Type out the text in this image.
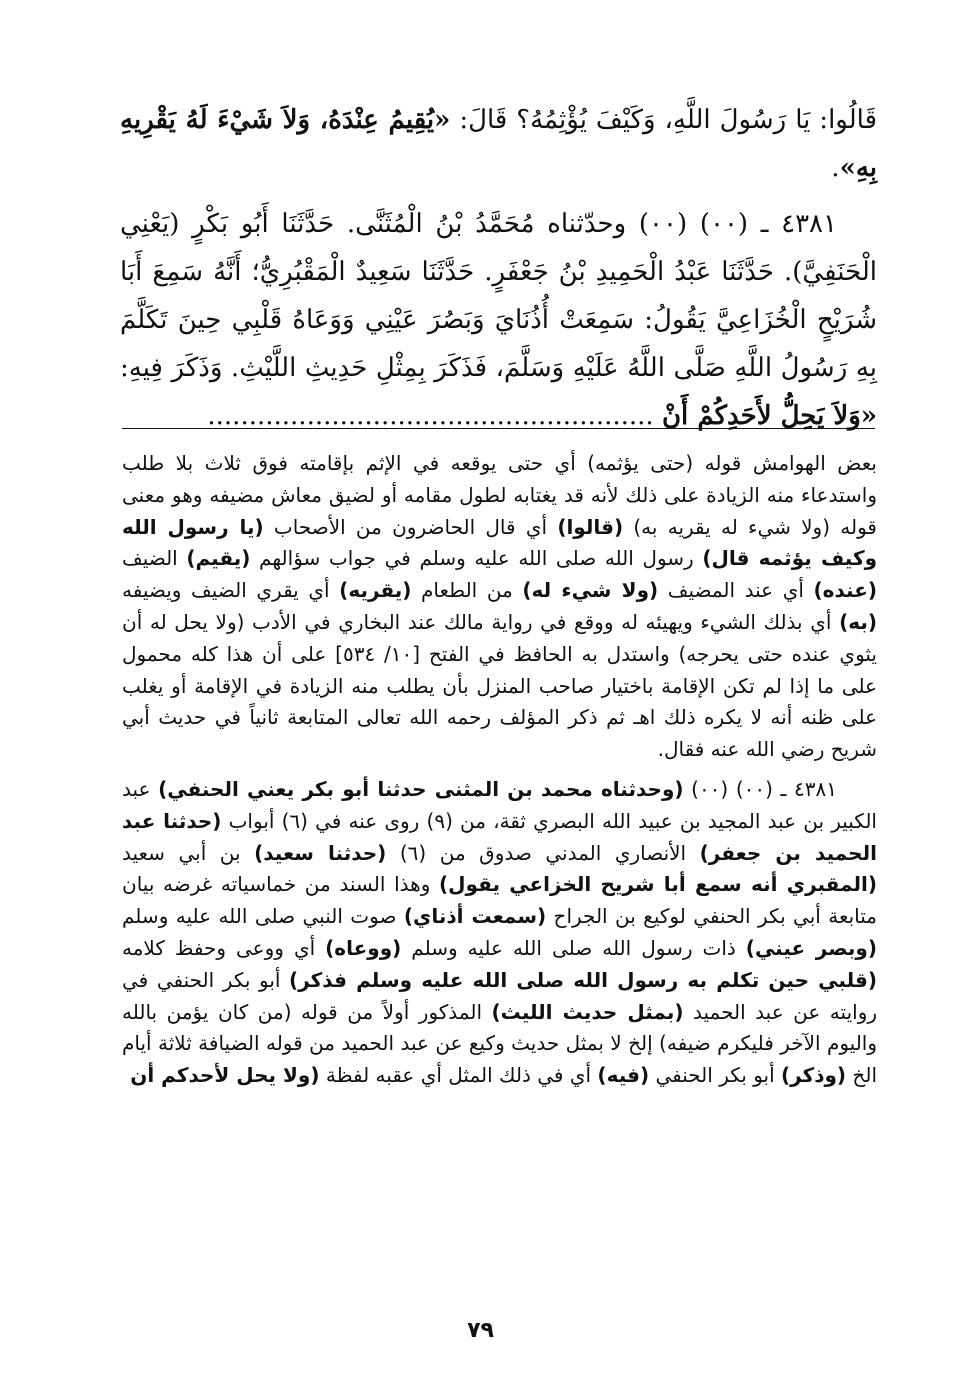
قَالُوا: يَا رَسُولَ اللَّهِ، وَكَيْفَ يُؤْثِمُهُ؟ قَالَ: «يُقِيمُ عِنْدَهُ، وَلاَ شَيْءَ لَهُ يَقْرِيهِ بِهِ».

٤٣٨١ ـ (٠٠) (٠٠) وحدّثناه مُحَمَّدُ بْنُ الْمُثَنَّى. حَدَّثَنَا أَبُو بَكْرٍ (يَعْنِي الْحَنَفِيَّ). حَدَّثَنَا عَبْدُ الْحَمِيدِ بْنُ جَعْفَرٍ. حَدَّثَنَا سَعِيدٌ الْمَقْبُرِيُّ؛ أَنَّهُ سَمِعَ أَبَا شُرَيْحٍ الْخُزَاعِيَّ يَقُولُ: سَمِعَتْ أُذُنَايَ وَبَصُرَ عَيْنِي وَوَعَاهُ قَلْبِي حِينَ تَكَلَّمَ بِهِ رَسُولُ اللَّهِ صَلَّى اللَّهُ عَلَيْهِ وَسَلَّمَ، فَذَكَرَ بِمِثْلِ حَدِيثِ اللَّيْثِ. وَذَكَرَ فِيهِ: «وَلاَ يَحِلُّ لأَحَدِكُمْ أَنْ ......................................................

بعض الهوامش قوله (حتى يؤثمه) أي حتى يوقعه في الإثم بإقامته فوق ثلاث بلا طلب واستدعاء منه الزيادة على ذلك لأنه قد يغتابه لطول مقامه أو لضيق معاش مضيفه وهو معنى قوله (ولا شيء له يقريه به) (قالوا) أي قال الحاضرون من الأصحاب (يا رسول الله وكيف يؤثمه قال) رسول الله صلى الله عليه وسلم في جواب سؤالهم (يقيم) الضيف (عنده) أي عند المضيف (ولا شيء له) من الطعام (يقريه) أي يقري الضيف ويضيفه (به) أي بذلك الشيء ويهيئه له ووقع في رواية مالك عند البخاري في الأدب (ولا يحل له أن يثوي عنده حتى يحرجه) واستدل به الحافظ في الفتح [١٠/ ٥٣٤] على أن هذا كله محمول على ما إذا لم تكن الإقامة باختيار صاحب المنزل بأن يطلب منه الزيادة في الإقامة أو يغلب على ظنه أنه لا يكره ذلك اهـ ثم ذكر المؤلف رحمه الله تعالى المتابعة ثانياً في حديث أبي شريح رضي الله عنه فقال.

٤٣٨١ ـ (٠٠) (٠٠) (وحدثناه محمد بن المثنى حدثنا أبو بكر يعني الحنفي) عبد الكبير بن عبد المجيد بن عبيد الله البصري ثقة، من (٩) روى عنه في (٦) أبواب (حدثنا عبد الحميد بن جعفر) الأنصاري المدني صدوق من (٦) (حدثنا سعيد) بن أبي سعيد (المقبري أنه سمع أبا شريح الخزاعي يقول) وهذا السند من خماسياته غرضه بيان متابعة أبي بكر الحنفي لوكيع بن الجراح (سمعت أذناي) صوت النبي صلى الله عليه وسلم (وبصر عيني) ذات رسول الله صلى الله عليه وسلم (ووعاه) أي ووعى وحفظ كلامه (قلبي حين تكلم به رسول الله صلى الله عليه وسلم فذكر) أبو بكر الحنفي في روايته عن عبد الحميد (بمثل حديث الليث) المذكور أولاً من قوله (من كان يؤمن بالله واليوم الآخر فليكرم ضيفه) إلخ لا بمثل حديث وكيع عن عبد الحميد من قوله الضيافة ثلاثة أيام الخ (وذكر) أبو بكر الحنفي (فيه) أي في ذلك المثل أي عقبه لفظة (ولا يحل لأحدكم أن

٧٩
